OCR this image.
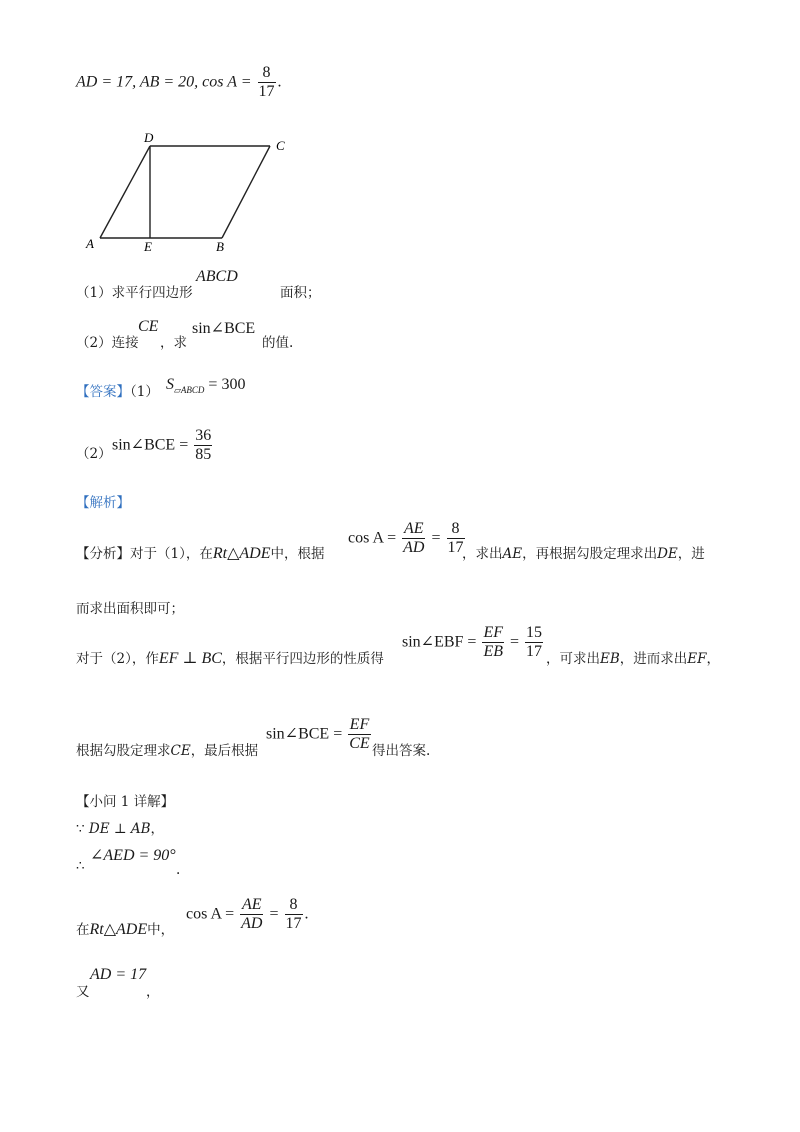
AD = 17, AB = 20, $\cos A = \frac{8}{17}$ .
A	E	B
D
C
（1）求平行四边形
ABCD
面积；
（2）连接
CE
，求
sin∠BCE
的值.
【答案】（1） $S_{▱ABCD} = 300$
（2）
sin∠BCE = $\frac{36}{85}$
【解析】
【分析】对于（1），在Rt△ADE中，根据
$\cos A = \frac{AE}{AD} = \frac{8}{17}$
，求出AE，再根据勾股定理求出DE，进
而求出面积即可；
对于（2），作EF ⊥ BC，根据平行四边形的性质得
sin∠EBF = $\frac{EF}{EB} = \frac{15}{17}$ ，可求出EB，进而求出EF，
根据勾股定理求CE，最后根据
sin∠BCE = $\frac{EF}{CE}$ 得出答案.
【小问 1 详解】
∵ DE ⊥ AB，
∴
∠AED = 90°
.
在Rt△ADE中，
$\cos A = \frac{AE}{AD} = \frac{8}{17}$ .
又
AD = 17
，
